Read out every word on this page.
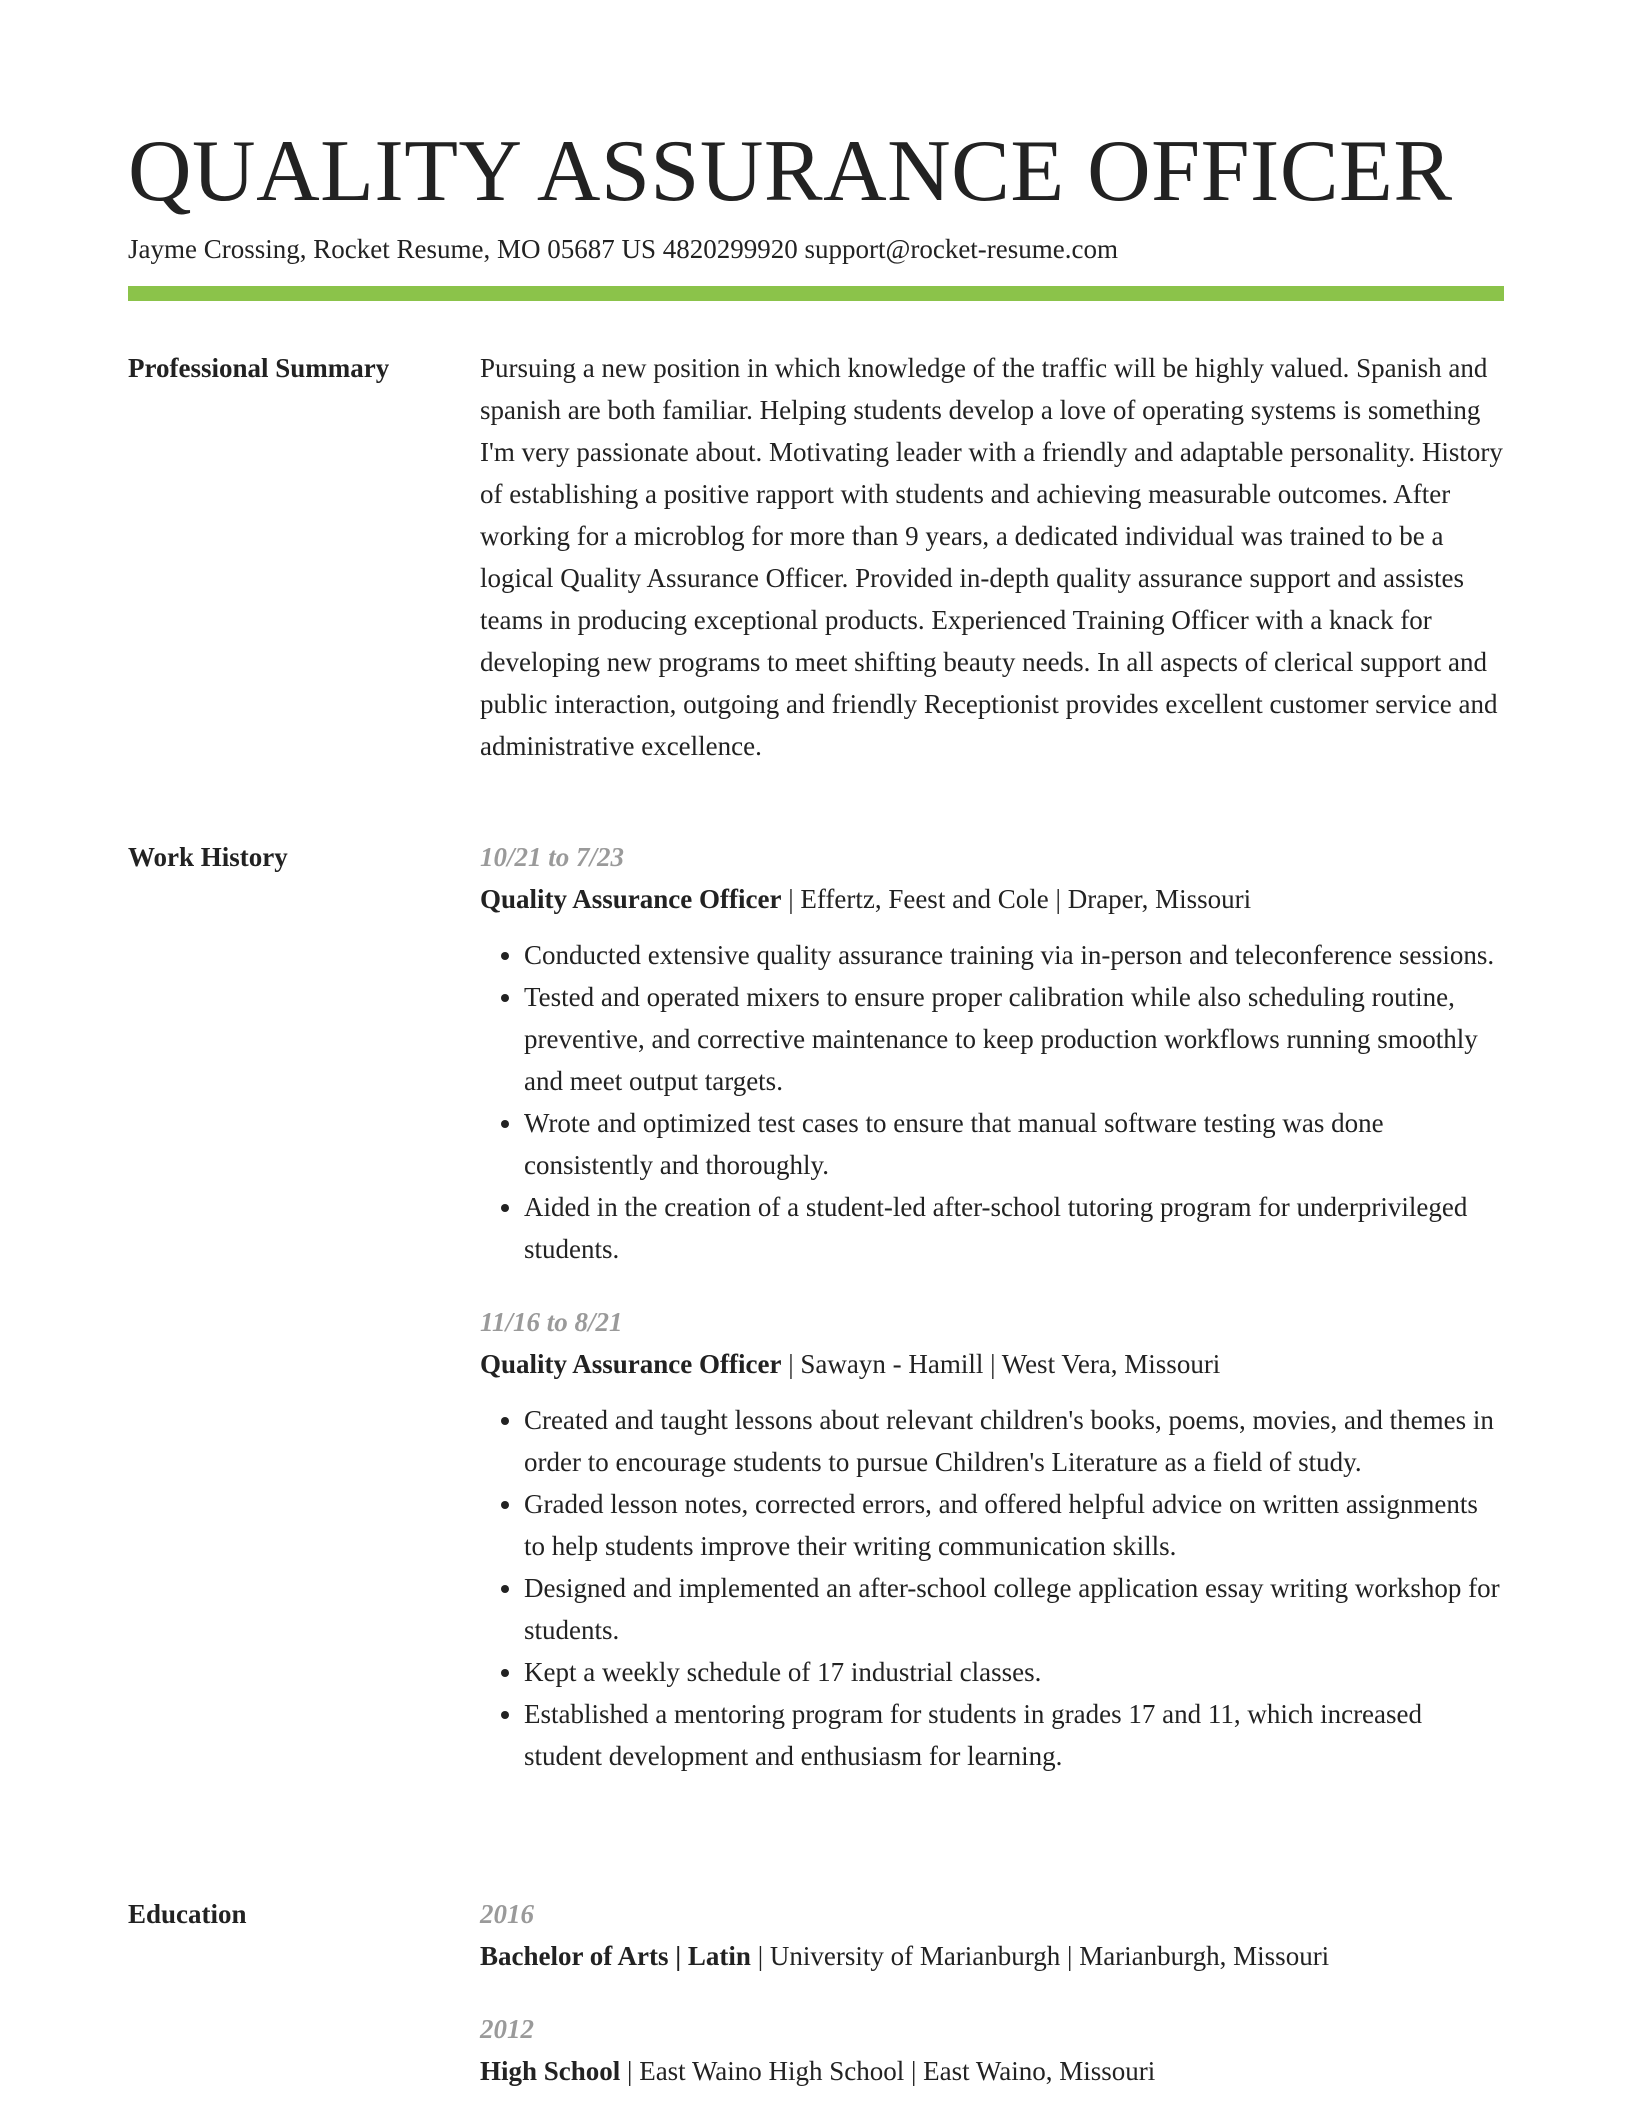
QUALITY ASSURANCE OFFICER
Jayme Crossing, Rocket Resume, MO 05687 US 4820299920 support@rocket-resume.com
Professional Summary	Pursuing a new position in which knowledge of the traffic will be highly valued. Spanish and spanish are both familiar. Helping students develop a love of operating systems is something I'm very passionate about. Motivating leader with a friendly and adaptable personality. History of establishing a positive rapport with students and achieving measurable outcomes. After working for a microblog for more than 9 years, a dedicated individual was trained to be a logical Quality Assurance Officer. Provided in-depth quality assurance support and assistes teams in producing exceptional products. Experienced Training Officer with a knack for developing new programs to meet shifting beauty needs. In all aspects of clerical support and public interaction, outgoing and friendly Receptionist provides excellent customer service and administrative excellence.

Work History	10/21 to 7/23
Quality Assurance Officer | Effertz, Feest and Cole | Draper, Missouri
• Conducted extensive quality assurance training via in-person and teleconference sessions.
• Tested and operated mixers to ensure proper calibration while also scheduling routine, preventive, and corrective maintenance to keep production workflows running smoothly and meet output targets.
• Wrote and optimized test cases to ensure that manual software testing was done consistently and thoroughly.
• Aided in the creation of a student-led after-school tutoring program for underprivileged students.
11/16 to 8/21
Quality Assurance Officer | Sawayn - Hamill | West Vera, Missouri
• Created and taught lessons about relevant children's books, poems, movies, and themes in order to encourage students to pursue Children's Literature as a field of study.
• Graded lesson notes, corrected errors, and offered helpful advice on written assignments to help students improve their writing communication skills.
• Designed and implemented an after-school college application essay writing workshop for students.
• Kept a weekly schedule of 17 industrial classes.
• Established a mentoring program for students in grades 17 and 11, which increased student development and enthusiasm for learning.
Education	2016
Bachelor of Arts | Latin | University of Marianburgh | Marianburgh, Missouri
2012
High School | East Waino High School | East Waino, Missouri
